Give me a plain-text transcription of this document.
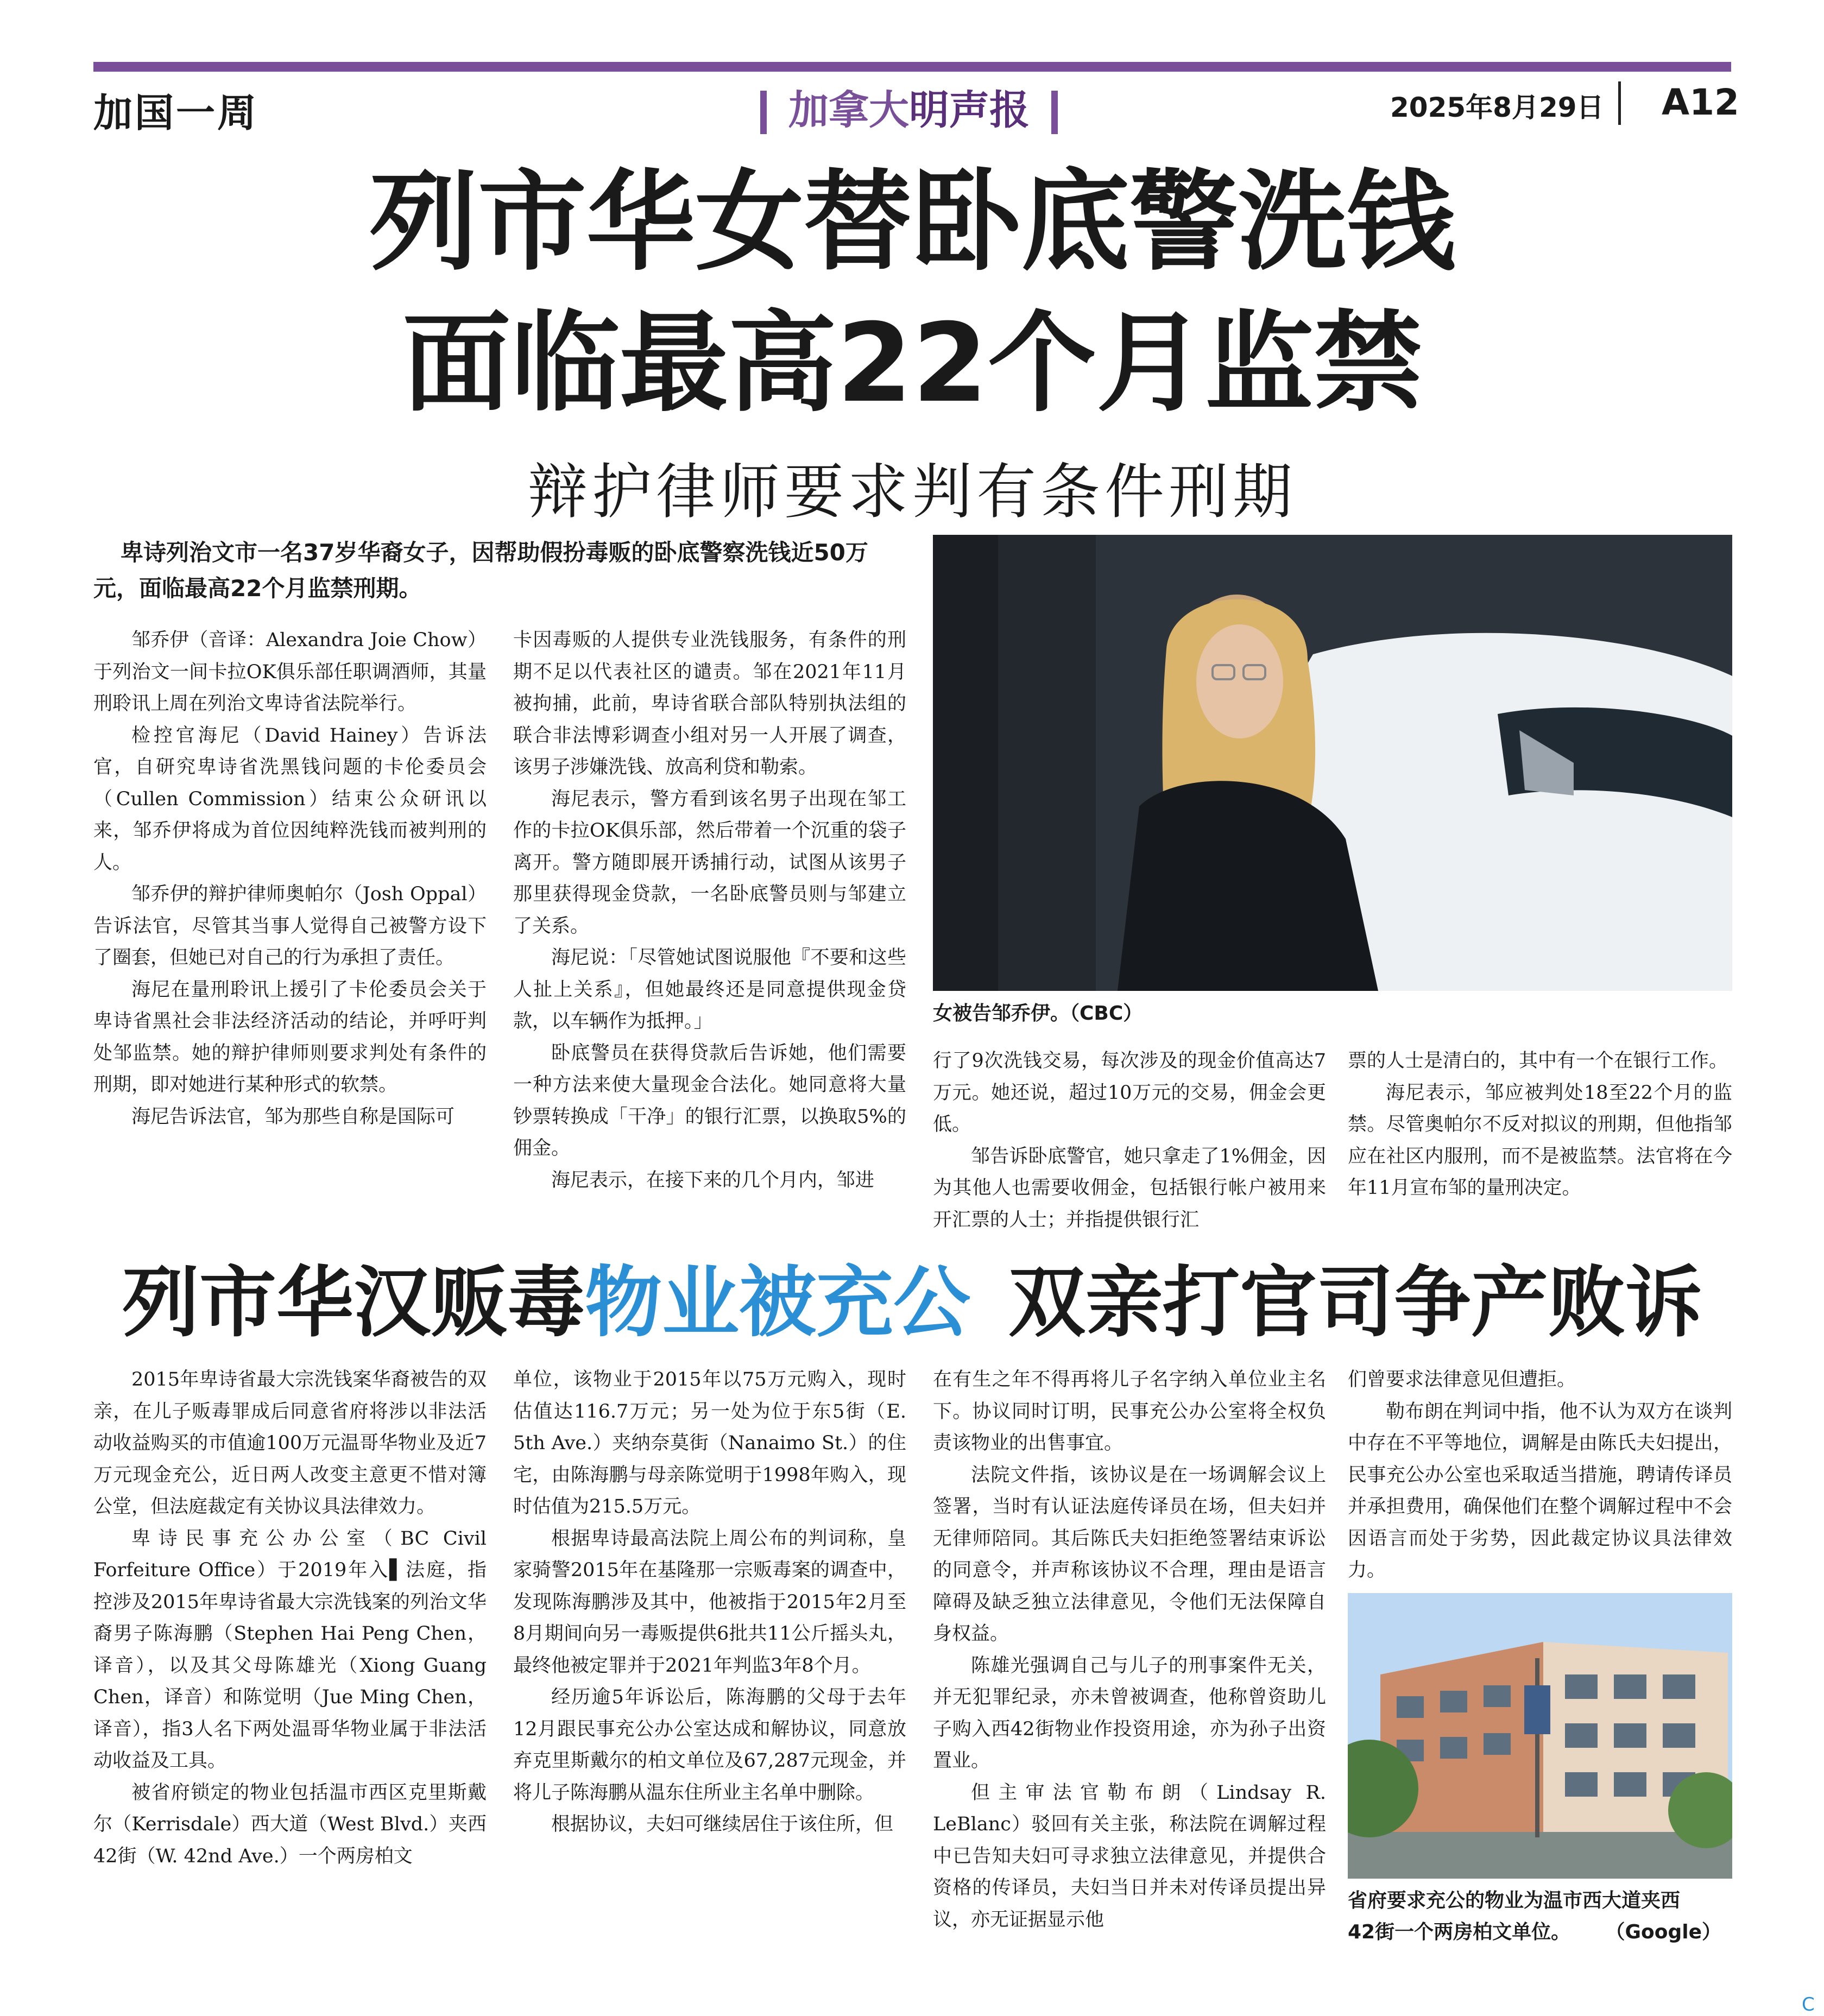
加国一周	加拿大明声报	2025年8月29日 A12
列市华女替卧底警洗钱
面临最高22个月监禁
辩护律师要求判有条件刑期
卑诗列治文市一名37岁华裔女子，因帮助假扮毒贩的卧底警察洗钱近50万元，面临最高22个月监禁刑期。

邹乔伊（音译：Alexandra Joie Chow）于列治文一间卡拉OK俱乐部任职调酒师，其量刑聆讯上周在列治文卑诗省法院举行。

检控官海尼（David Hainey）告诉法官，自研究卑诗省洗黑钱问题的卡伦委员会（Cullen Commission）结束公众研讯以来，邹乔伊将成为首位因纯粹洗钱而被判刑的人。

邹乔伊的辩护律师奥帕尔（Josh Oppal）告诉法官，尽管其当事人觉得自己被警方设下了圈套，但她已对自己的行为承担了责任。

海尼在量刑聆讯上援引了卡伦委员会关于卑诗省黑社会非法经济活动的结论，并呼吁判处邹监禁。她的辩护律师则要求判处有条件的刑期，即对她进行某种形式的软禁。

海尼告诉法官，邹为那些自称是国际可

卡因毒贩的人提供专业洗钱服务，有条件的刑期不足以代表社区的谴责。邹在2021年11月被拘捕，此前，卑诗省联合部队特别执法组的联合非法博彩调查小组对另一人开展了调查，该男子涉嫌洗钱、放高利贷和勒索。

海尼表示，警方看到该名男子出现在邹工作的卡拉OK俱乐部，然后带着一个沉重的袋子离开。警方随即展开诱捕行动，试图从该男子那里获得现金贷款，一名卧底警员则与邹建立了关系。

海尼说：「尽管她试图说服他『不要和这些人扯上关系』，但她最终还是同意提供现金贷款，以车辆作为抵押。」

卧底警员在获得贷款后告诉她，他们需要一种方法来使大量现金合法化。她同意将大量钞票转换成「干净」的银行汇票，以换取5%的佣金。

海尼表示，在接下来的几个月内，邹进

行了9次洗钱交易，每次涉及的现金价值高达7万元。她还说，超过10万元的交易，佣金会更低。

邹告诉卧底警官，她只拿走了1%佣金，因为其他人也需要收佣金，包括银行帐户被用来开汇票的人士；并指提供银行汇

票的人士是清白的，其中有一个在银行工作。

海尼表示，邹应被判处18至22个月的监禁。尽管奥帕尔不反对拟议的刑期，但他指邹应在社区内服刑，而不是被监禁。法官将在今年11月宣布邹的量刑决定。

女被告邹乔伊。（CBC）
列市华汉贩毒物业被充公 双亲打官司争产败诉

2015年卑诗省最大宗洗钱案华裔被告的双亲，在儿子贩毒罪成后同意省府将涉以非法活动收益购买的市值逾100万元温哥华物业及近7万元现金充公，近日两人改变主意更不惜对簿公堂，但法庭裁定有关协议具法律效力。

卑诗民事充公办公室（BC Civil Forfeiture Office）于2019年入▌法庭，指控涉及2015年卑诗省最大宗洗钱案的列治文华裔男子陈海鹏（Stephen Hai Peng Chen，译音），以及其父母陈雄光（Xiong Guang Chen，译音）和陈觉明（Jue Ming Chen，译音），指3人名下两处温哥华物业属于非法活动收益及工具。

被省府锁定的物业包括温市西区克里斯戴尔（Kerrisdale）西大道（West Blvd.）夹西42街（W. 42nd Ave.）一个两房柏文

单位，该物业于2015年以75万元购入，现时估值达116.7万元；另一处为位于东5街（E. 5th Ave.）夹纳奈莫街（Nanaimo St.）的住宅，由陈海鹏与母亲陈觉明于1998年购入，现时估值为215.5万元。

根据卑诗最高法院上周公布的判词称，皇家骑警2015年在基隆那一宗贩毒案的调查中，发现陈海鹏涉及其中，他被指于2015年2月至8月期间向另一毒贩提供6批共11公斤摇头丸，最终他被定罪并于2021年判监3年8个月。

经历逾5年诉讼后，陈海鹏的父母于去年12月跟民事充公办公室达成和解协议，同意放弃克里斯戴尔的柏文单位及67,287元现金，并将儿子陈海鹏从温东住所业主名单中删除。

根据协议，夫妇可继续居住于该住所，但

在有生之年不得再将儿子名字纳入单位业主名下。协议同时订明，民事充公办公室将全权负责该物业的出售事宜。

法院文件指，该协议是在一场调解会议上签署，当时有认证法庭传译员在场，但夫妇并无律师陪同。其后陈氏夫妇拒绝签署结束诉讼的同意令，并声称该协议不合理，理由是语言障碍及缺乏独立法律意见，令他们无法保障自身权益。

陈雄光强调自己与儿子的刑事案件无关，并无犯罪纪录，亦未曾被调查，他称曾资助儿子购入西42街物业作投资用途，亦为孙子出资置业。

但主审法官勒布朗（Lindsay R. LeBlanc）驳回有关主张，称法院在调解过程中已告知夫妇可寻求独立法律意见，并提供合资格的传译员，夫妇当日并未对传译员提出异议，亦无证据显示他

们曾要求法律意见但遭拒。

勒布朗在判词中指，他不认为双方在谈判中存在不平等地位，调解是由陈氏夫妇提出，民事充公办公室也采取适当措施，聘请传译员并承担费用，确保他们在整个调解过程中不会因语言而处于劣势，因此裁定协议具法律效力。

省府要求充公的物业为温市西大道夹西
42街一个两房柏文单位。 （Google）
C
